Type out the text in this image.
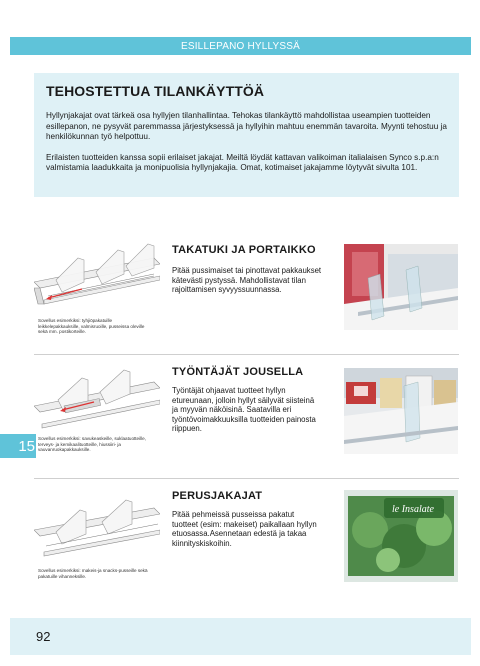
ESILLEPANO HYLLYSSÄ
TEHOSTETTUA TILANKÄYTTÖÄ

Hyllynjakajat ovat tärkeä osa hyllyjen tilanhallintaa. Tehokas tilankäyttö mahdollistaa useampien tuotteiden esillepanon, ne pysyvät paremmassa järjestyksessä ja hyllyihin mahtuu enemmän tavaroita. Myynti tehostuu ja henkilökunnan työ helpottuu.

Erilaisten tuotteiden kanssa sopii erilaiset jakajat. Meiltä löydät kattavan valikoiman italialaisen Synco s.p.a:n valmistamia laadukkaita ja monipuolisia hyllynjakajia. Omat, kotimaiset jakajamme löytyvät sivulta 101.

Sovellus esimerkiksi: tyhjiöpakatuille leikkelepakkauksille, valmisruoille, pusseissa oleville sekä mm. postikorteille.
TAKATUKI JA PORTAIKKO
Pitää pussimaiset tai pinottavat pakkaukset kätevästi pystyssä. Mahdollistavat tilan rajoittamisen syvyyssuunnassa.
Sovellus esimerkiksi: savukeaskeille, suklaatuotteille, terveys- ja kemikaalituotteille, hiussiiri- ja vauvanruokapakkauksille.
TYÖNTÄJÄT JOUSELLA
Työntäjät ohjaavat tuotteet hyllyn etureunaan, jolloin hyllyt säilyvät siisteinä ja myyvän näköisinä. Saatavilla eri työntövoimakkuuksilla tuotteiden painosta riippuen.
Sovellus esimerkiksi: makeis-ja snacks-pusseille sekä pakatuille vihanneksille.
PERUSJAKAJAT
Pitää pehmeissä pusseissa pakatut tuotteet (esim: makeiset) paikallaan hyllyn etuosassa.Asennetaan edestä ja takaa kiinnityskiskoihin.
le Insalate
15
92
